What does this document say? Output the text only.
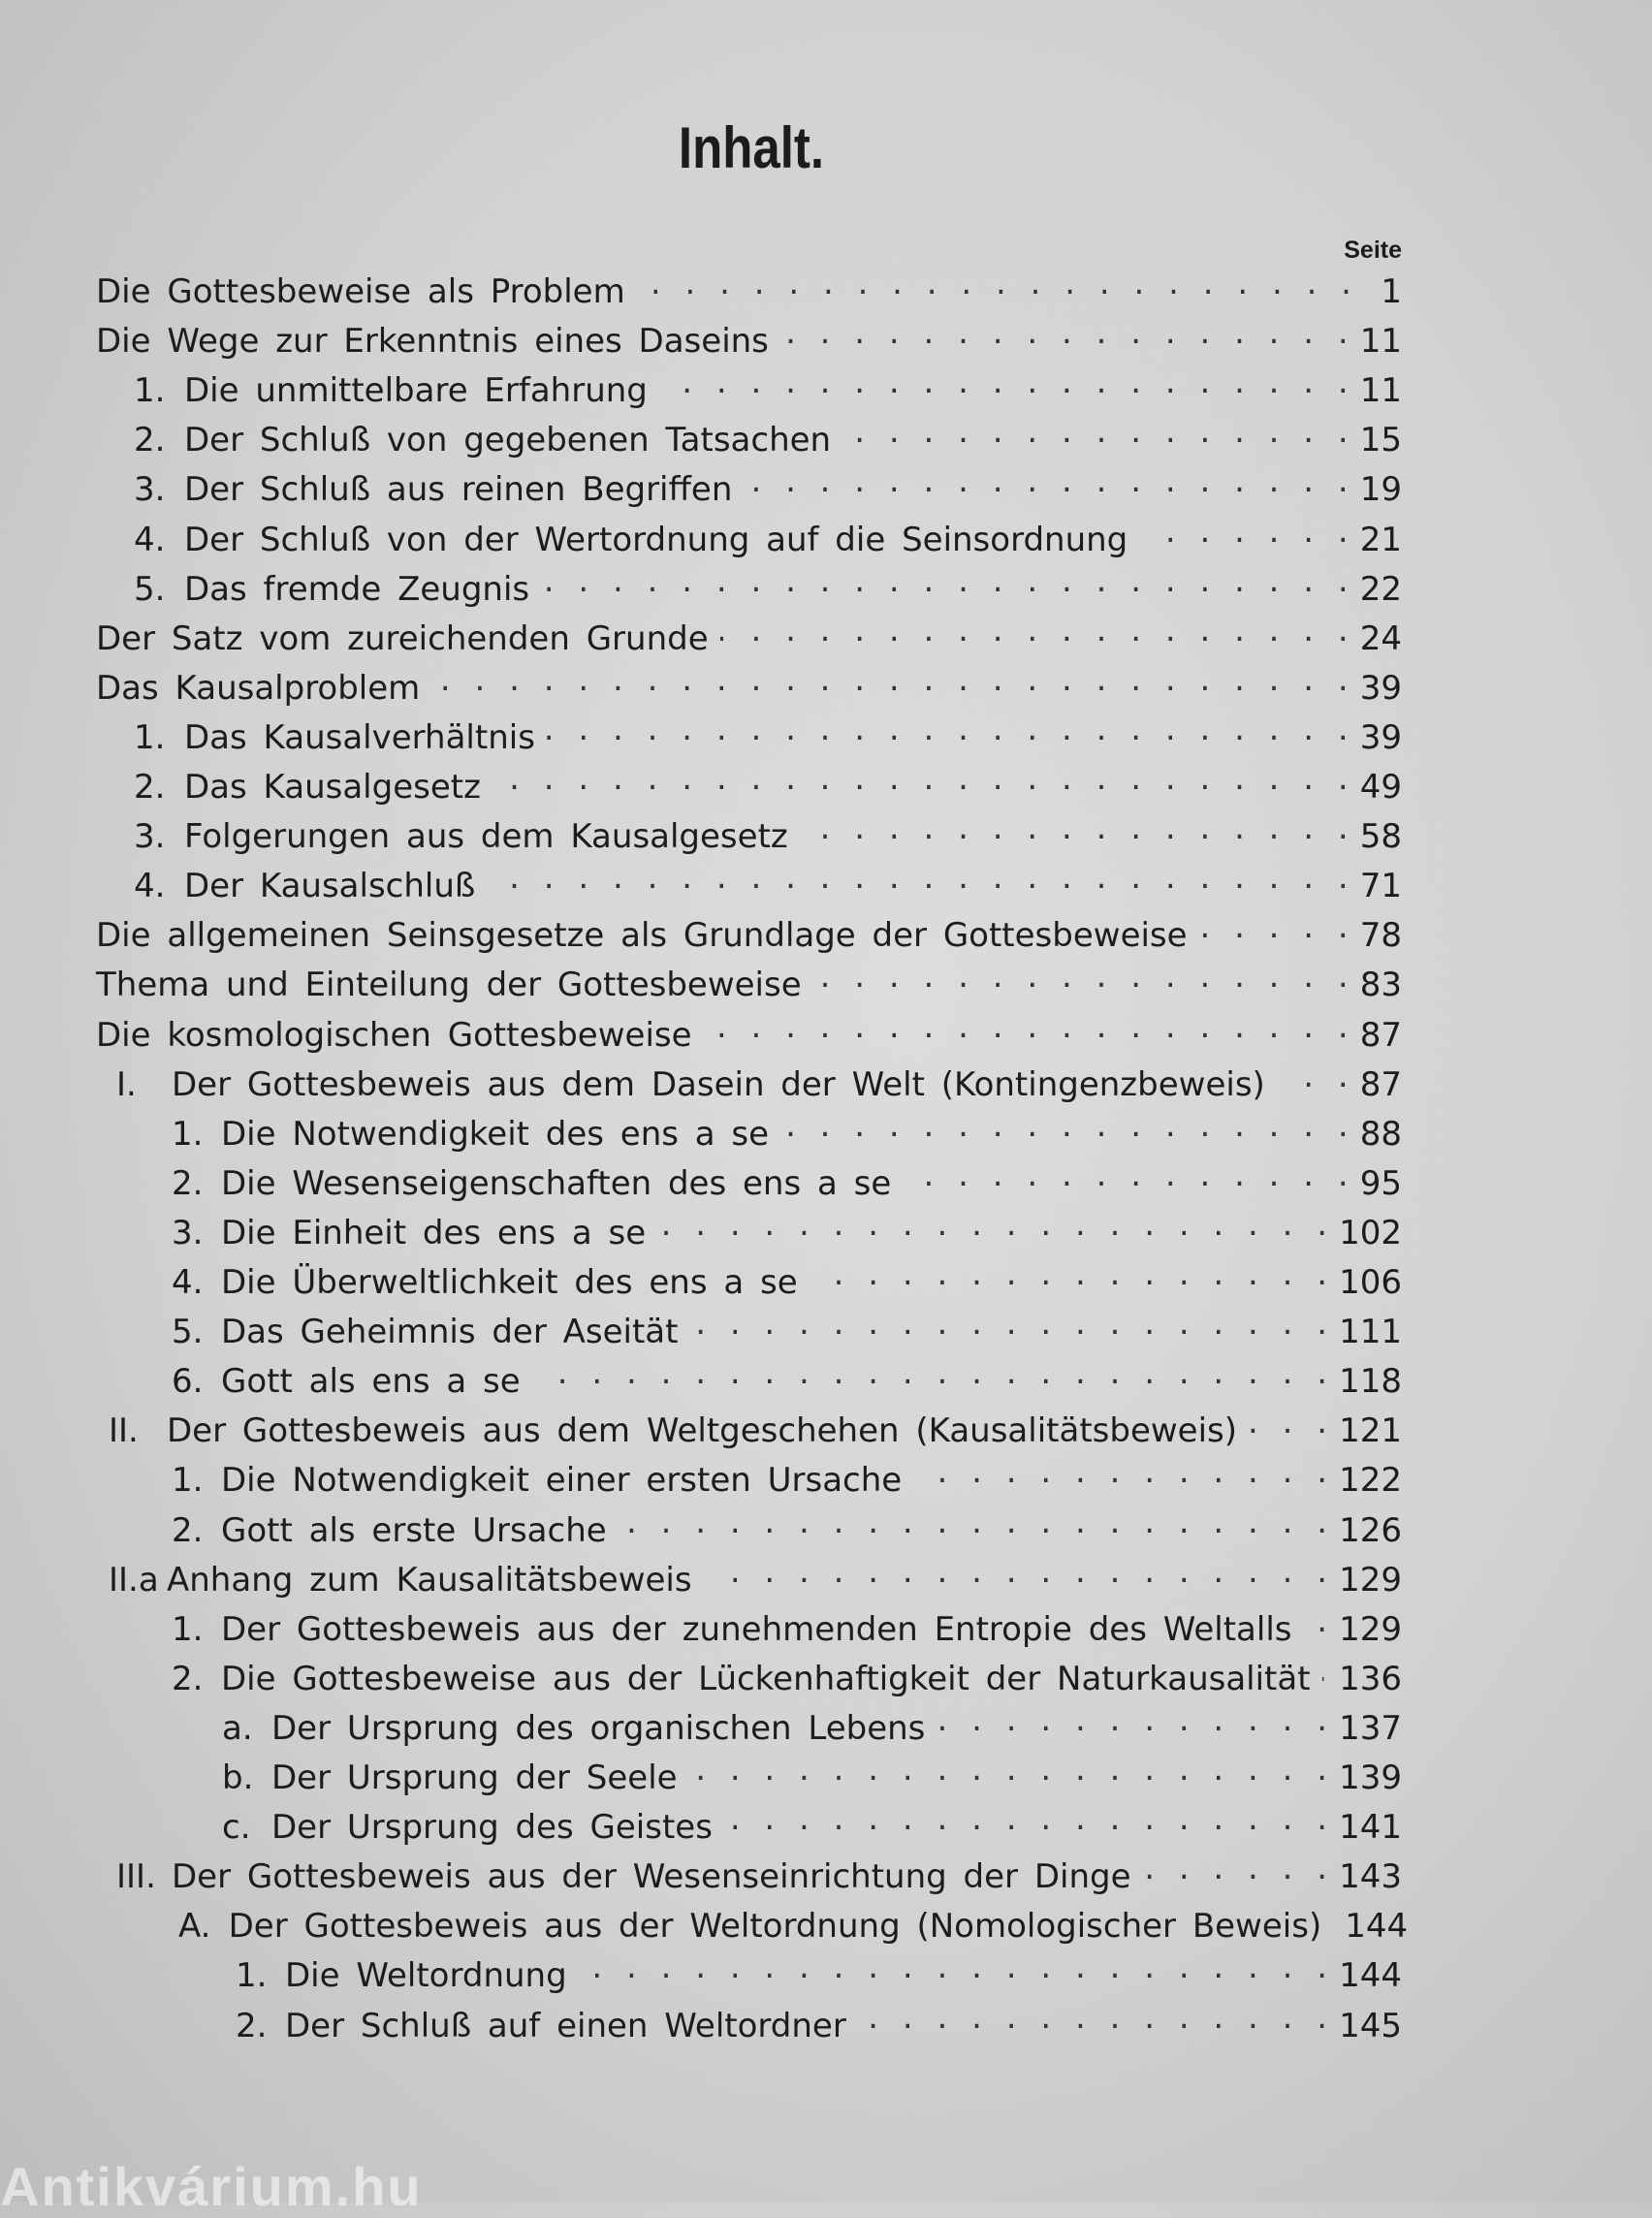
Inhalt.
Seite
Die Gottesbeweise als Problem . . .	1
Die Wege zur Erkenntnis eines Daseins . . .	11
1. Die unmittelbare Erfahrung . . .	11
2. Der Schluß von gegebenen Tatsachen . . .	15
3. Der Schluß aus reinen Begriffen . . .	19
4. Der Schluß von der Wertordnung auf die Seinsordnung . . .	21
5. Das fremde Zeugnis . . .	22
Der Satz vom zureichenden Grunde . . .	24
Das Kausalproblem . . .	39
1. Das Kausalverhältnis . . .	39
2. Das Kausalgesetz . . .	49
3. Folgerungen aus dem Kausalgesetz . . .	58
4. Der Kausalschluß . . .	71
Die allgemeinen Seinsgesetze als Grundlage der Gottesbeweise . . .	78
Thema und Einteilung der Gottesbeweise . . .	83
Die kosmologischen Gottesbeweise . . .	87
I.	Der Gottesbeweis aus dem Dasein der Welt (Kontingenzbeweis) . . .	87
1. Die Notwendigkeit des ens a se . . .	88
2. Die Wesenseigenschaften des ens a se . . .	95
3. Die Einheit des ens a se . . .	102
4. Die Überweltlichkeit des ens a se . . .	106
5. Das Geheimnis der Aseität . . .	111
6. Gott als ens a se . . .	118
II. Der Gottesbeweis aus dem Weltgeschehen (Kausalitätsbeweis) . . .	121
1. Die Notwendigkeit einer ersten Ursache . . .	122
2. Gott als erste Ursache . . .	126
II.a Anhang zum Kausalitätsbeweis . . .	129
1. Der Gottesbeweis aus der zunehmenden Entropie des Weltalls . . . 129
2. Die Gottesbeweise aus der Lückenhaftigkeit der Naturkausalität . . . 136
a. Der Ursprung des organischen Lebens . . .	137
b. Der Ursprung der Seele . . .	139
c. Der Ursprung des Geistes . . .	141
III. Der Gottesbeweis aus der Wesenseinrichtung der Dinge . . .	143
A. Der Gottesbeweis aus der Weltordnung (Nomologischer Beweis) 144
1. Die Weltordnung . . .	144
2. Der Schluß auf einen Weltordner . . .	145
Antikvárium.hu
